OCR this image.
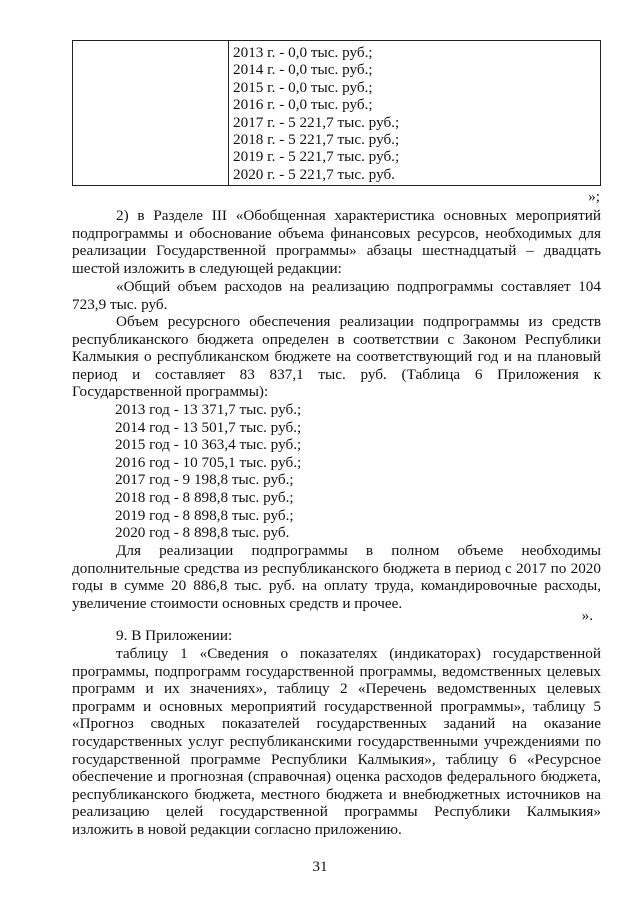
2013 г. - 0,0 тыс. руб.;
2014 г. - 0,0 тыс. руб.;
2015 г. - 0,0 тыс. руб.;
2016 г. - 0,0 тыс. руб.;
2017 г. - 5 221,7 тыс. руб.;
2018 г. - 5 221,7 тыс. руб.;
2019 г. - 5 221,7 тыс. руб.;
2020 г. - 5 221,7 тыс. руб.
»;

2) в Разделе III «Обобщенная характеристика основных мероприятий подпрограммы и обоснование объема финансовых ресурсов, необходимых для реализации Государственной программы» абзацы шестнадцатый – двадцать шестой изложить в следующей редакции:

«Общий объем расходов на реализацию подпрограммы составляет 104 723,9 тыс. руб.

Объем ресурсного обеспечения реализации подпрограммы из средств республиканского бюджета определен в соответствии с Законом Республики Калмыкия о республиканском бюджете на соответствующий год и на плановый период и составляет 83 837,1 тыс. руб. (Таблица 6 Приложения к Государственной программы):

2013 год - 13 371,7 тыс. руб.;
2014 год - 13 501,7 тыс. руб.;
2015 год - 10 363,4 тыс. руб.;
2016 год - 10 705,1 тыс. руб.;
2017 год - 9 198,8 тыс. руб.;
2018 год - 8 898,8 тыс. руб.;
2019 год - 8 898,8 тыс. руб.;
2020 год - 8 898,8 тыс. руб.

Для реализации подпрограммы в полном объеме необходимы дополнительные средства из республиканского бюджета в период с 2017 по 2020 годы в сумме 20 886,8 тыс. руб. на оплату труда, командировочные расходы, увеличение стоимости основных средств и прочее.

».

9. В Приложении:

таблицу 1 «Сведения о показателях (индикаторах) государственной программы, подпрограмм государственной программы, ведомственных целевых программ и их значениях», таблицу 2 «Перечень ведомственных целевых программ и основных мероприятий государственной программы», таблицу 5 «Прогноз сводных показателей государственных заданий на оказание государственных услуг республиканскими государственными учреждениями по государственной программе Республики Калмыкия», таблицу 6 «Ресурсное обеспечение и прогнозная (справочная) оценка расходов федерального бюджета, республиканского бюджета, местного бюджета и внебюджетных источников на реализацию целей государственной программы Республики Калмыкия» изложить в новой редакции согласно приложению.

31
